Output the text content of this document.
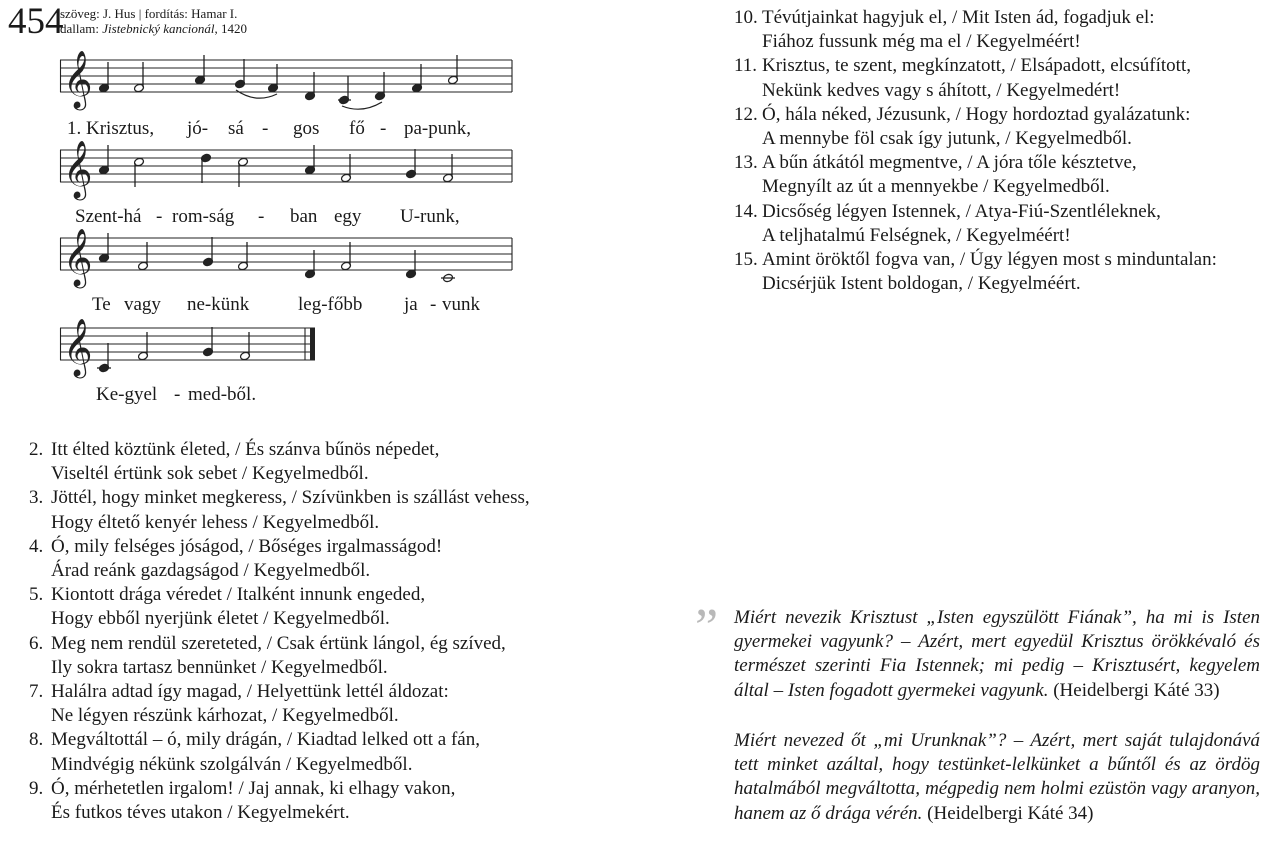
454
szöveg: J. Hus | fordítás: Hamar I.
dallam: Jistebnický kancionál, 1420
𝄞
1. Krisztus, jó- sá - gos fő - pa-punk,
𝄞
Szent-há - rom-ság - ban egy U-runk,
𝄞
Te vagy ne-künk	leg-főbb ja - vunk
𝄞
Ke-gyel - med-ből.
2. Itt élted köztünk életed, / És szánva bűnös népedet,
Viseltél értünk sok sebet / Kegyelmedből.
3. Jöttél, hogy minket megkeress, / Szívünkben is szállást vehess,
Hogy éltető kenyér lehess / Kegyelmedből.
4. Ó, mily felséges jóságod, / Bőséges irgalmasságod!
Árad reánk gazdagságod / Kegyelmedből.
5. Kiontott drága véredet / Italként innunk engeded,
Hogy ebből nyerjünk életet / Kegyelmedből.
6. Meg nem rendül szereteted, / Csak értünk lángol, ég szíved,
Ily sokra tartasz bennünket / Kegyelmedből.
7. Halálra adtad így magad, / Helyettünk lettél áldozat:
Ne légyen részünk kárhozat, / Kegyelmedből.
8. Megváltottál – ó, mily drágán, / Kiadtad lelked ott a fán,
Mindvégig nékünk szolgálván / Kegyelmedből.
9. Ó, mérhetetlen irgalom! / Jaj annak, ki elhagy vakon,
És futkos téves utakon / Kegyelmekért.
10. Tévútjainkat hagyjuk el, / Mit Isten ád, fogadjuk el:
Fiához fussunk még ma el / Kegyelméért!
11. Krisztus, te szent, megkínzatott, / Elsápadott, elcsúfított,
Nekünk kedves vagy s áhított, / Kegyelmedért!
12. Ó, hála néked, Jézusunk, / Hogy hordoztad gyalázatunk:
A mennybe föl csak így jutunk, / Kegyelmedből.
13. A bűn átkától megmentve, / A jóra tőle késztetve,
Megnyílt az út a mennyekbe / Kegyelmedből.
14. Dicsőség légyen Istennek, / Atya-Fiú-Szentléleknek,
A teljhatalmú Felségnek, / Kegyelméért!
15. Amint öröktől fogva van, / Úgy légyen most s minduntalan:
Dicsérjük Istent boldogan, / Kegyelméért.
” Miért nevezik Krisztust „Isten egyszülött Fiának”, ha mi is Isten gyermekei vagyunk? – Azért, mert egyedül Krisztus örökkévaló és természet szerinti Fia Istennek; mi pedig – Krisztusért, kegyelem által – Isten fogadott gyermekei vagyunk. (Heidelbergi Káté 33)
Miért nevezed őt „mi Urunknak”? – Azért, mert saját tulajdonává tett minket azáltal, hogy testünket-lelkünket a bűntől és az ördög hatalmából megváltotta, mégpedig nem holmi ezüstön vagy aranyon, hanem az ő drága vérén. (Heidelbergi Káté 34)
